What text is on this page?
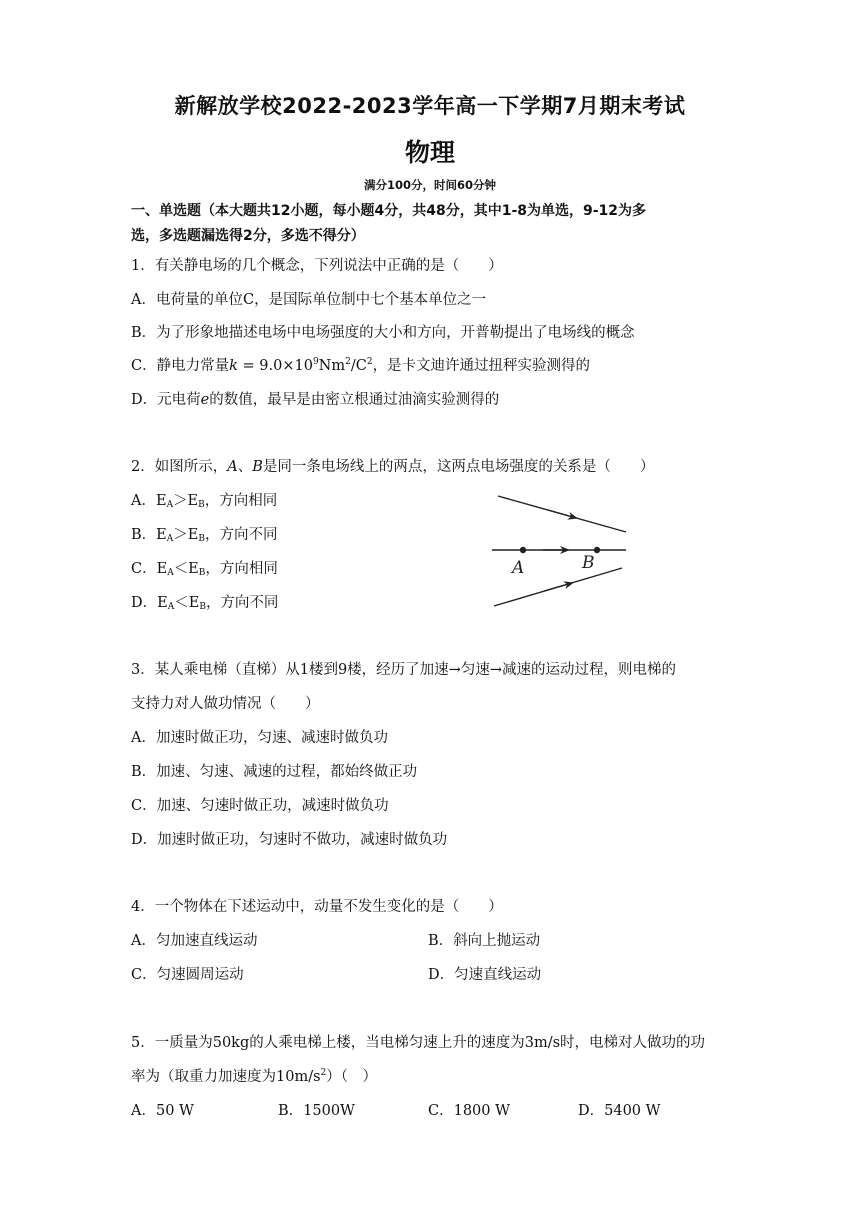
新解放学校2022-2023学年高一下学期7月期末考试
物理
满分100分，时间60分钟
一、单选题（本大题共12小题，每小题4分，共48分，其中1-8为单选，9-12为多
选，多选题漏选得2分，多选不得分）
1．有关静电场的几个概念，下列说法中正确的是（　　）
A．电荷量的单位C，是国际单位制中七个基本单位之一
B．为了形象地描述电场中电场强度的大小和方向，开普勒提出了电场线的概念
C．静电力常量$k = 9.0\times 10^9Nm^2/C^2$，是卡文迪许通过扭秤实验测得的
D．元电荷e的数值，最早是由密立根通过油滴实验测得的
2．如图所示，A、B是同一条电场线上的两点，这两点电场强度的关系是（　　）
A．$E_A>E_B$，方向相同
B．$E_A>E_B$，方向不同
C．$E_A<E_B$，方向相同
D．$E_A<E_B$，方向不同
A	B
3．某人乘电梯（直梯）从1楼到9楼，经历了加速→匀速→减速的运动过程，则电梯的
支持力对人做功情况（　　）
A．加速时做正功，匀速、减速时做负功
B．加速、匀速、减速的过程，都始终做正功
C．加速、匀速时做正功，减速时做负功
D．加速时做正功，匀速时不做功，减速时做负功
4．一个物体在下述运动中，动量不发生变化的是（　　）
A．匀加速直线运动	B．斜向上抛运动
C．匀速圆周运动	D．匀速直线运动
5．一质量为50kg的人乘电梯上楼，当电梯匀速上升的速度为3m/s时，电梯对人做功的功
率为（取重力加速度为$10m/s^2$）（　）
A．50 W	B．1500W	C．1800 W	D．5400 W
